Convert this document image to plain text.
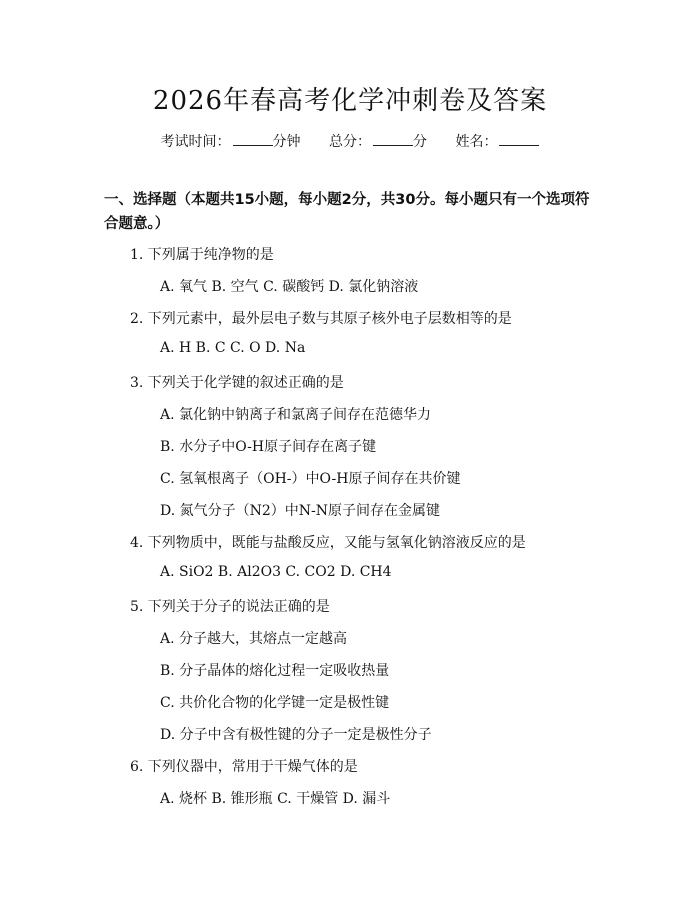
2026年春高考化学冲刺卷及答案
考试时间：	分钟 总分：	分 姓名：
一、选择题（本题共15小题，每小题2分，共30分。每小题只有一个选项符合题意。）
1. 下列属于纯净物的是
A. 氧气 B. 空气 C. 碳酸钙 D. 氯化钠溶液
2. 下列元素中，最外层电子数与其原子核外电子层数相等的是
A. H B. C C. O D. Na
3. 下列关于化学键的叙述正确的是
A. 氯化钠中钠离子和氯离子间存在范德华力
B. 水分子中O-H原子间存在离子键
C. 氢氧根离子（OH-）中O-H原子间存在共价键
D. 氮气分子（N2）中N-N原子间存在金属键
4. 下列物质中，既能与盐酸反应，又能与氢氧化钠溶液反应的是
A. SiO2 B. Al2O3 C. CO2 D. CH4
5. 下列关于分子的说法正确的是
A. 分子越大，其熔点一定越高
B. 分子晶体的熔化过程一定吸收热量
C. 共价化合物的化学键一定是极性键
D. 分子中含有极性键的分子一定是极性分子
6. 下列仪器中，常用于干燥气体的是
A. 烧杯 B. 锥形瓶 C. 干燥管 D. 漏斗
